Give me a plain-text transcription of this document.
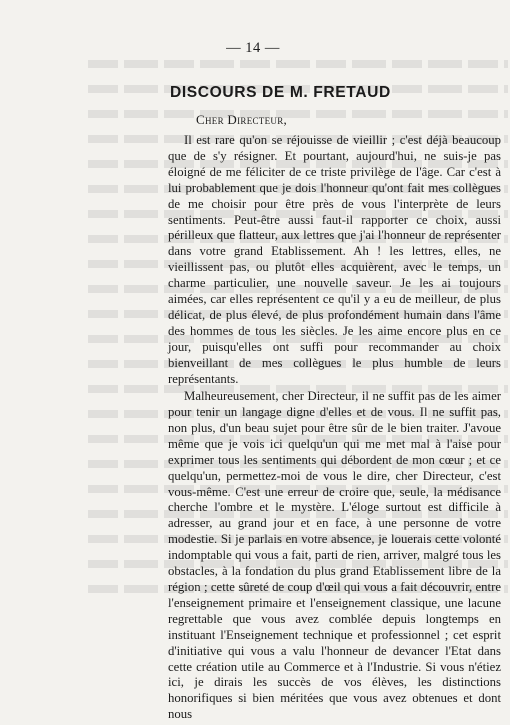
— 14 —
DISCOURS DE M. FRETAUD
Cher Directeur,

Il est rare qu'on se réjouisse de vieillir ; c'est déjà beaucoup que de s'y résigner. Et pourtant, aujourd'hui, ne suis-je pas éloigné de me féliciter de ce triste privilège de l'âge. Car c'est à lui probablement que je dois l'honneur qu'ont fait mes collègues de me choisir pour être près de vous l'interprète de leurs sentiments. Peut-être aussi faut-il rapporter ce choix, aussi périlleux que flatteur, aux lettres que j'ai l'honneur de représenter dans votre grand Etablissement. Ah ! les lettres, elles, ne vieillissent pas, ou plutôt elles acquièrent, avec le temps, un charme particulier, une nouvelle saveur. Je les ai toujours aimées, car elles représentent ce qu'il y a eu de meilleur, de plus délicat, de plus élevé, de plus profondément humain dans l'âme des hommes de tous les siècles. Je les aime encore plus en ce jour, puisqu'elles ont suffi pour recommander au choix bienveillant de mes collègues le plus humble de leurs représentants.

Malheureusement, cher Directeur, il ne suffit pas de les aimer pour tenir un langage digne d'elles et de vous. Il ne suffit pas, non plus, d'un beau sujet pour être sûr de le bien traiter. J'avoue même que je vois ici quelqu'un qui me met mal à l'aise pour exprimer tous les sentiments qui débordent de mon cœur ; et ce quelqu'un, permettez-moi de vous le dire, cher Directeur, c'est vous-même. C'est une erreur de croire que, seule, la médisance cherche l'ombre et le mystère. L'éloge surtout est difficile à adresser, au grand jour et en face, à une personne de votre modestie. Si je parlais en votre absence, je louerais cette volonté indomptable qui vous a fait, parti de rien, arriver, malgré tous les obstacles, à la fondation du plus grand Etablissement libre de la région ; cette sûreté de coup d'œil qui vous a fait découvrir, entre l'enseignement primaire et l'enseignement classique, une lacune regrettable que vous avez comblée depuis longtemps en instituant l'Enseignement technique et professionnel ; cet esprit d'initiative qui vous a valu l'honneur de devancer l'Etat dans cette création utile au Commerce et à l'Industrie. Si vous n'étiez ici, je dirais les succès de vos élèves, les distinctions honorifiques si bien méritées que vous avez obtenues et dont nous
